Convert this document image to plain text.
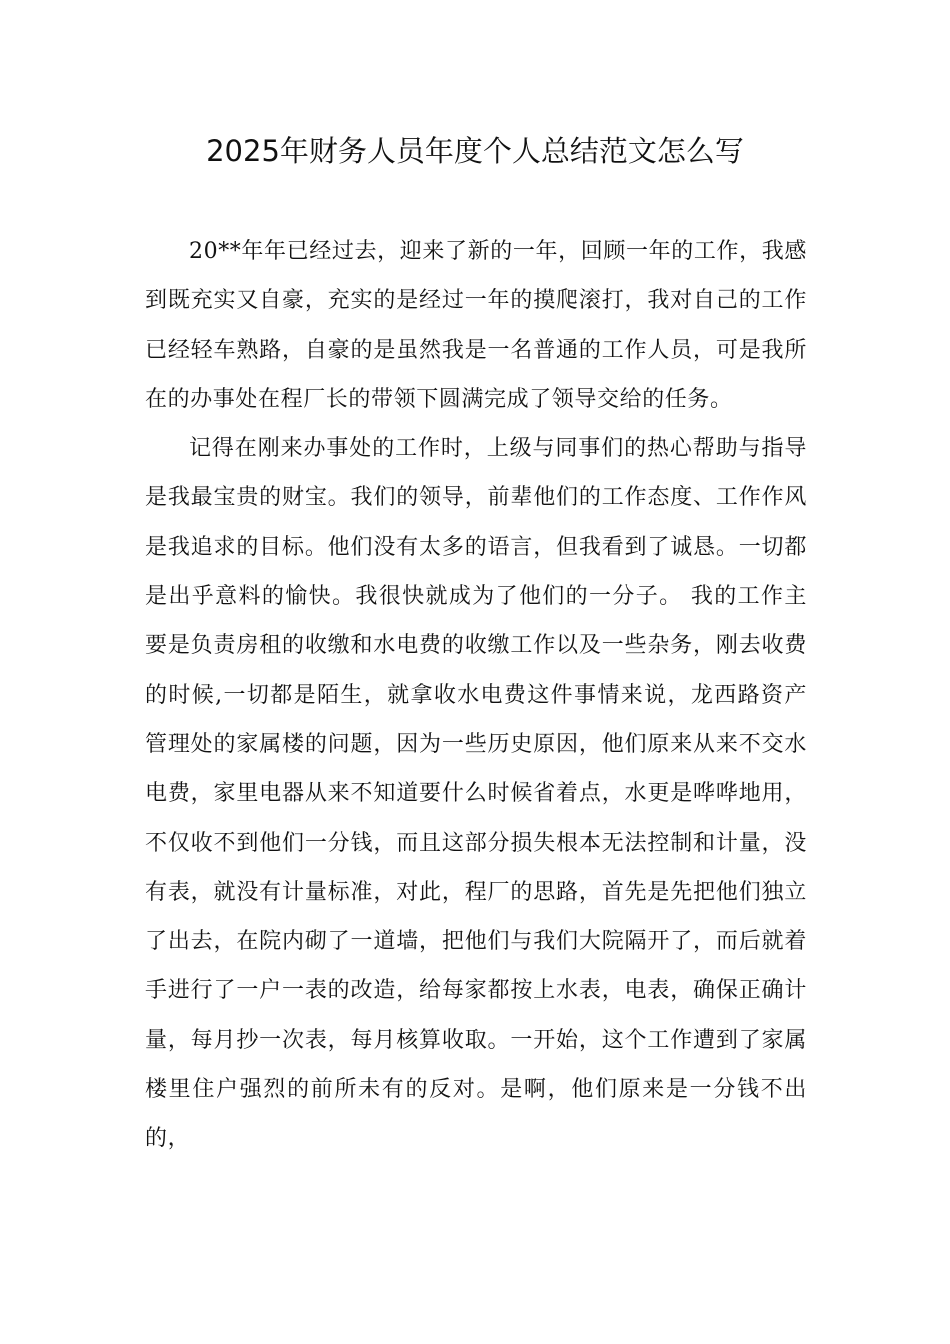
2025年财务人员年度个人总结范文怎么写

20**年年已经过去，迎来了新的一年，回顾一年的工作，我感到既充实又自豪，充实的是经过一年的摸爬滚打，我对自己的工作已经轻车熟路，自豪的是虽然我是一名普通的工作人员，可是我所在的办事处在程厂长的带领下圆满完成了领导交给的任务。

记得在刚来办事处的工作时，上级与同事们的热心帮助与指导是我最宝贵的财宝。我们的领导，前辈他们的工作态度、工作作风是我追求的目标。他们没有太多的语言，但我看到了诚恳。一切都是出乎意料的愉快。我很快就成为了他们的一分子。 我的工作主要是负责房租的收缴和水电费的收缴工作以及一些杂务，刚去收费的时候,一切都是陌生，就拿收水电费这件事情来说，龙西路资产管理处的家属楼的问题，因为一些历史原因，他们原来从来不交水电费，家里电器从来不知道要什么时候省着点，水更是哗哗地用，不仅收不到他们一分钱，而且这部分损失根本无法控制和计量，没有表，就没有计量标准，对此，程厂的思路，首先是先把他们独立了出去，在院内砌了一道墙，把他们与我们大院隔开了，而后就着手进行了一户一表的改造，给每家都按上水表，电表，确保正确计量，每月抄一次表，每月核算收取。一开始，这个工作遭到了家属楼里住户强烈的前所未有的反对。是啊，他们原来是一分钱不出的，
